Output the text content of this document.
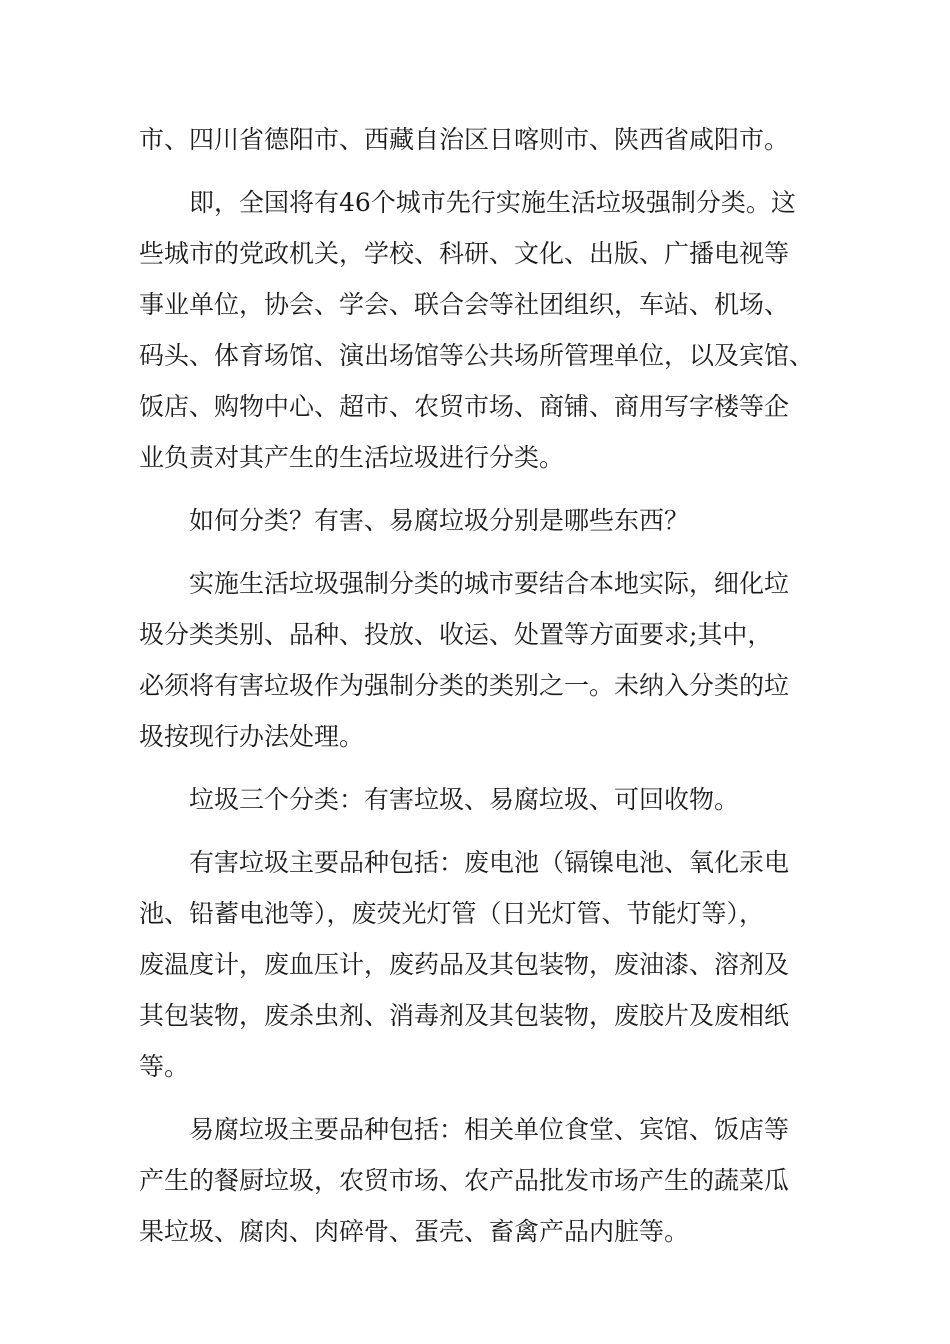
市、四川省德阳市、西藏自治区日喀则市、陕西省咸阳市。
　　即，全国将有46个城市先行实施生活垃圾强制分类。这
些城市的党政机关，学校、科研、文化、出版、广播电视等
事业单位，协会、学会、联合会等社团组织，车站、机场、
码头、体育场馆、演出场馆等公共场所管理单位，以及宾馆、
饭店、购物中心、超市、农贸市场、商铺、商用写字楼等企
业负责对其产生的生活垃圾进行分类。
　　如何分类？有害、易腐垃圾分别是哪些东西？
　　实施生活垃圾强制分类的城市要结合本地实际，细化垃
圾分类类别、品种、投放、收运、处置等方面要求;其中，
必须将有害垃圾作为强制分类的类别之一。未纳入分类的垃
圾按现行办法处理。
　　垃圾三个分类：有害垃圾、易腐垃圾、可回收物。
　　有害垃圾主要品种包括：废电池（镉镍电池、氧化汞电
池、铅蓄电池等），废荧光灯管（日光灯管、节能灯等），
废温度计，废血压计，废药品及其包装物，废油漆、溶剂及
其包装物，废杀虫剂、消毒剂及其包装物，废胶片及废相纸
等。
　　易腐垃圾主要品种包括：相关单位食堂、宾馆、饭店等
产生的餐厨垃圾，农贸市场、农产品批发市场产生的蔬菜瓜
果垃圾、腐肉、肉碎骨、蛋壳、畜禽产品内脏等。
